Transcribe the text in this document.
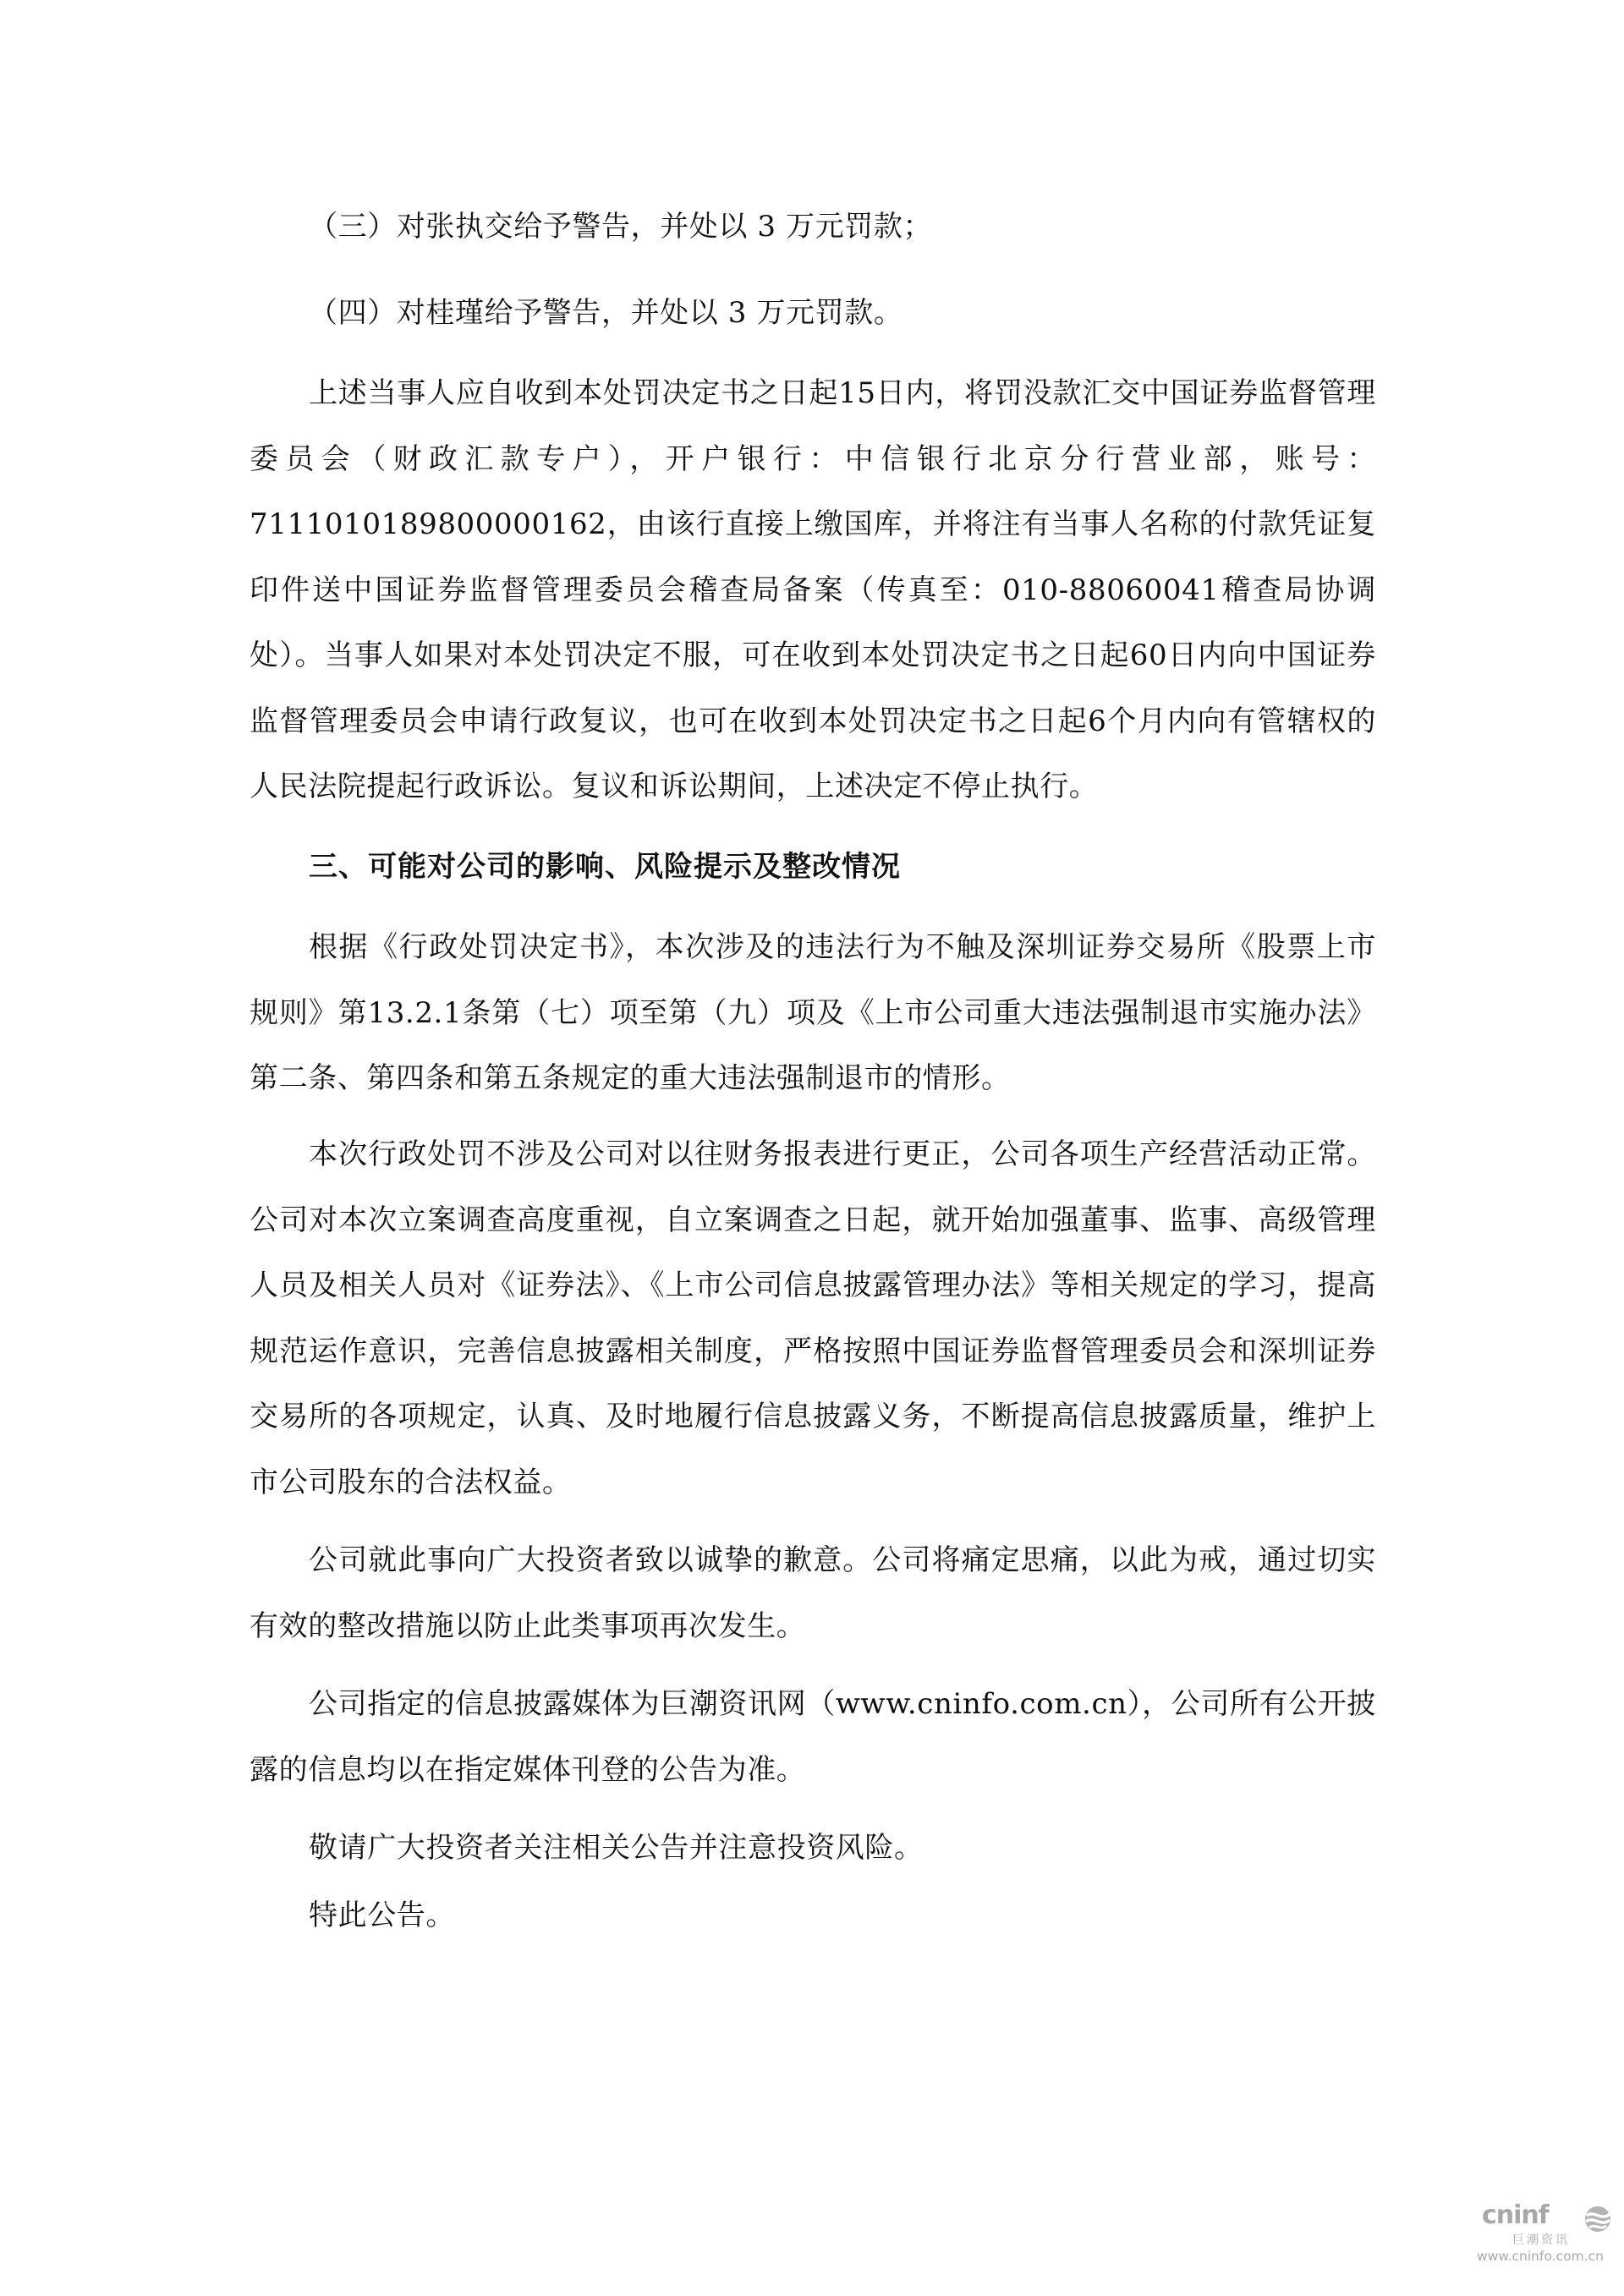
（三）对张执交给予警告，并处以 3 万元罚款；

（四）对桂瑾给予警告，并处以 3 万元罚款。

上述当事人应自收到本处罚决定书之日起15日内，将罚没款汇交中国证券监督管理委员会（财政汇款专户），开户银行：中信银行北京分行营业部，账号：7111010189800000162，由该行直接上缴国库，并将注有当事人名称的付款凭证复印件送中国证券监督管理委员会稽查局备案（传真至：010-88060041稽查局协调处）。当事人如果对本处罚决定不服，可在收到本处罚决定书之日起60日内向中国证券监督管理委员会申请行政复议，也可在收到本处罚决定书之日起6个月内向有管辖权的人民法院提起行政诉讼。复议和诉讼期间，上述决定不停止执行。

三、可能对公司的影响、风险提示及整改情况

根据《行政处罚决定书》，本次涉及的违法行为不触及深圳证券交易所《股票上市规则》第13.2.1条第（七）项至第（九）项及《上市公司重大违法强制退市实施办法》第二条、第四条和第五条规定的重大违法强制退市的情形。

本次行政处罚不涉及公司对以往财务报表进行更正，公司各项生产经营活动正常。公司对本次立案调查高度重视，自立案调查之日起，就开始加强董事、监事、高级管理人员及相关人员对《证券法》、《上市公司信息披露管理办法》等相关规定的学习，提高规范运作意识，完善信息披露相关制度，严格按照中国证券监督管理委员会和深圳证券交易所的各项规定，认真、及时地履行信息披露义务，不断提高信息披露质量，维护上市公司股东的合法权益。

公司就此事向广大投资者致以诚挚的歉意。公司将痛定思痛，以此为戒，通过切实有效的整改措施以防止此类事项再次发生。

公司指定的信息披露媒体为巨潮资讯网（www.cninfo.com.cn），公司所有公开披露的信息均以在指定媒体刊登的公告为准。

敬请广大投资者关注相关公告并注意投资风险。

特此公告。

cninf
巨潮资讯
www.cninfo.com.cn
